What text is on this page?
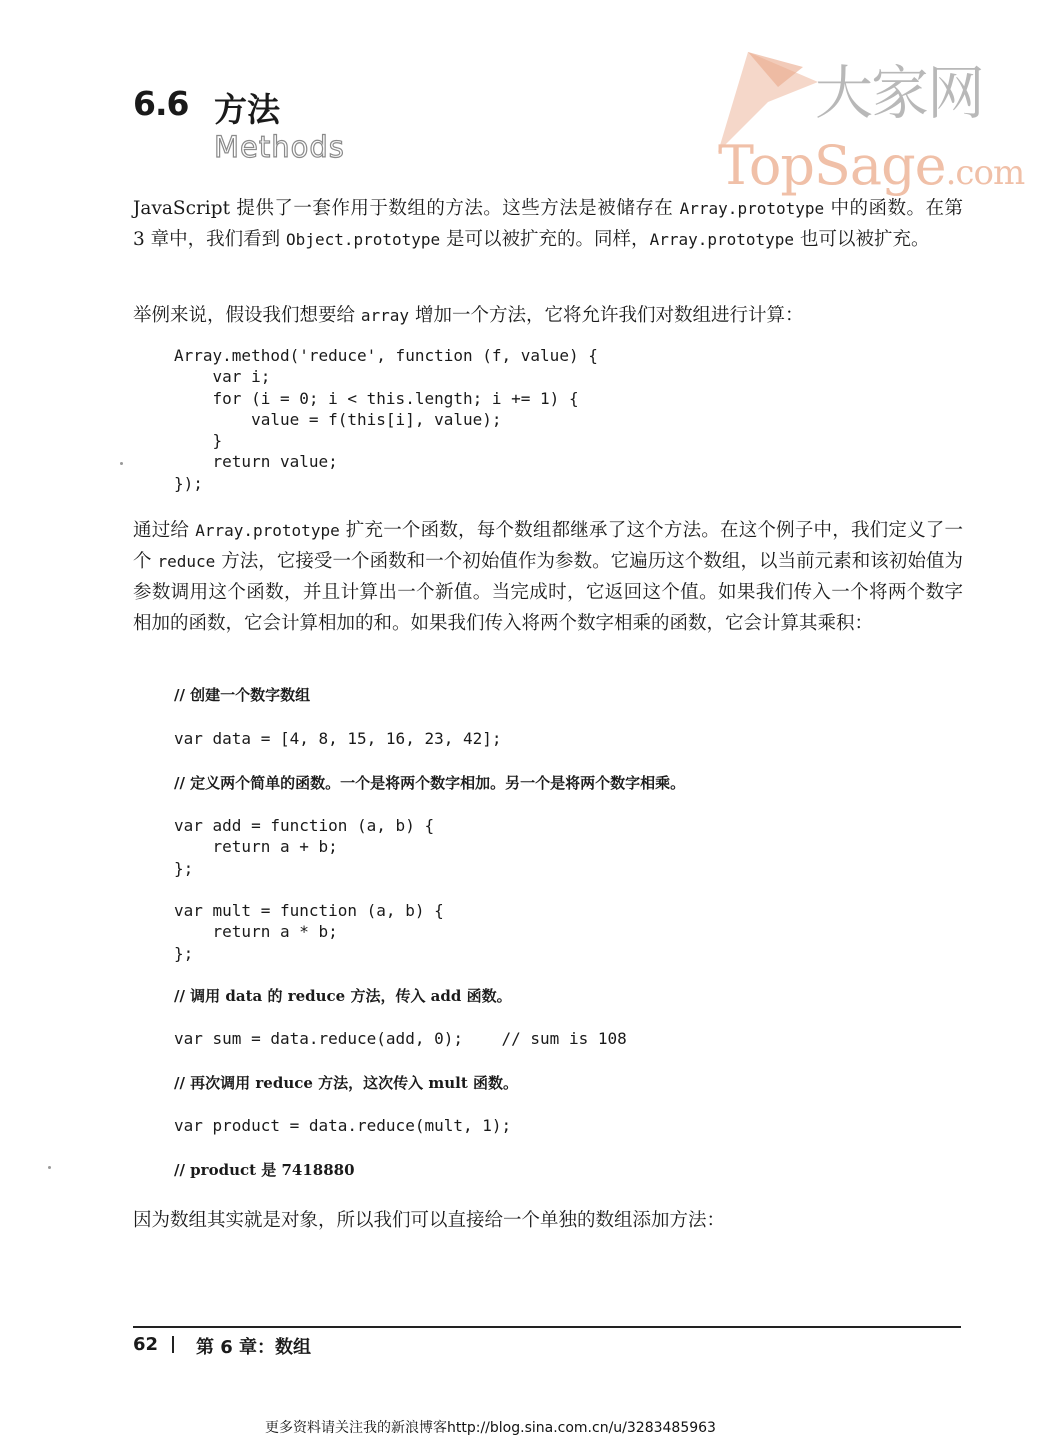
6.6 方法
Methods
大家网
TopSage.com
JavaScript 提供了一套作用于数组的方法。这些方法是被储存在 Array.prototype 中的函数。在第 3 章中，我们看到 Object.prototype 是可以被扩充的。同样，Array.prototype 也可以被扩充。
举例来说，假设我们想要给 array 增加一个方法，它将允许我们对数组进行计算：
Array.method('reduce', function (f, value) {
var i;
for (i = 0; i < this.length; i += 1) {
value = f(this[i], value);
}
return value;
});
通过给 Array.prototype 扩充一个函数，每个数组都继承了这个方法。在这个例子中，我们定义了一个 reduce 方法，它接受一个函数和一个初始值作为参数。它遍历这个数组，以当前元素和该初始值为参数调用这个函数，并且计算出一个新值。当完成时，它返回这个值。如果我们传入一个将两个数字相加的函数，它会计算相加的和。如果我们传入将两个数字相乘的函数，它会计算其乘积：
// 创建一个数字数组
var data = [4, 8, 15, 16, 23, 42];
// 定义两个简单的函数。一个是将两个数字相加。另一个是将两个数字相乘。
var add = function (a, b) {
return a + b;
};
var mult = function (a, b) {
return a * b;
};
// 调用 data 的 reduce 方法，传入 add 函数。
var sum = data.reduce(add, 0);    // sum is 108
// 再次调用 reduce 方法，这次传入 mult 函数。
var product = data.reduce(mult, 1);
// product 是 7418880
因为数组其实就是对象，所以我们可以直接给一个单独的数组添加方法：
62 第 6 章：数组
更多资料请关注我的新浪博客http://blog.sina.com.cn/u/3283485963
